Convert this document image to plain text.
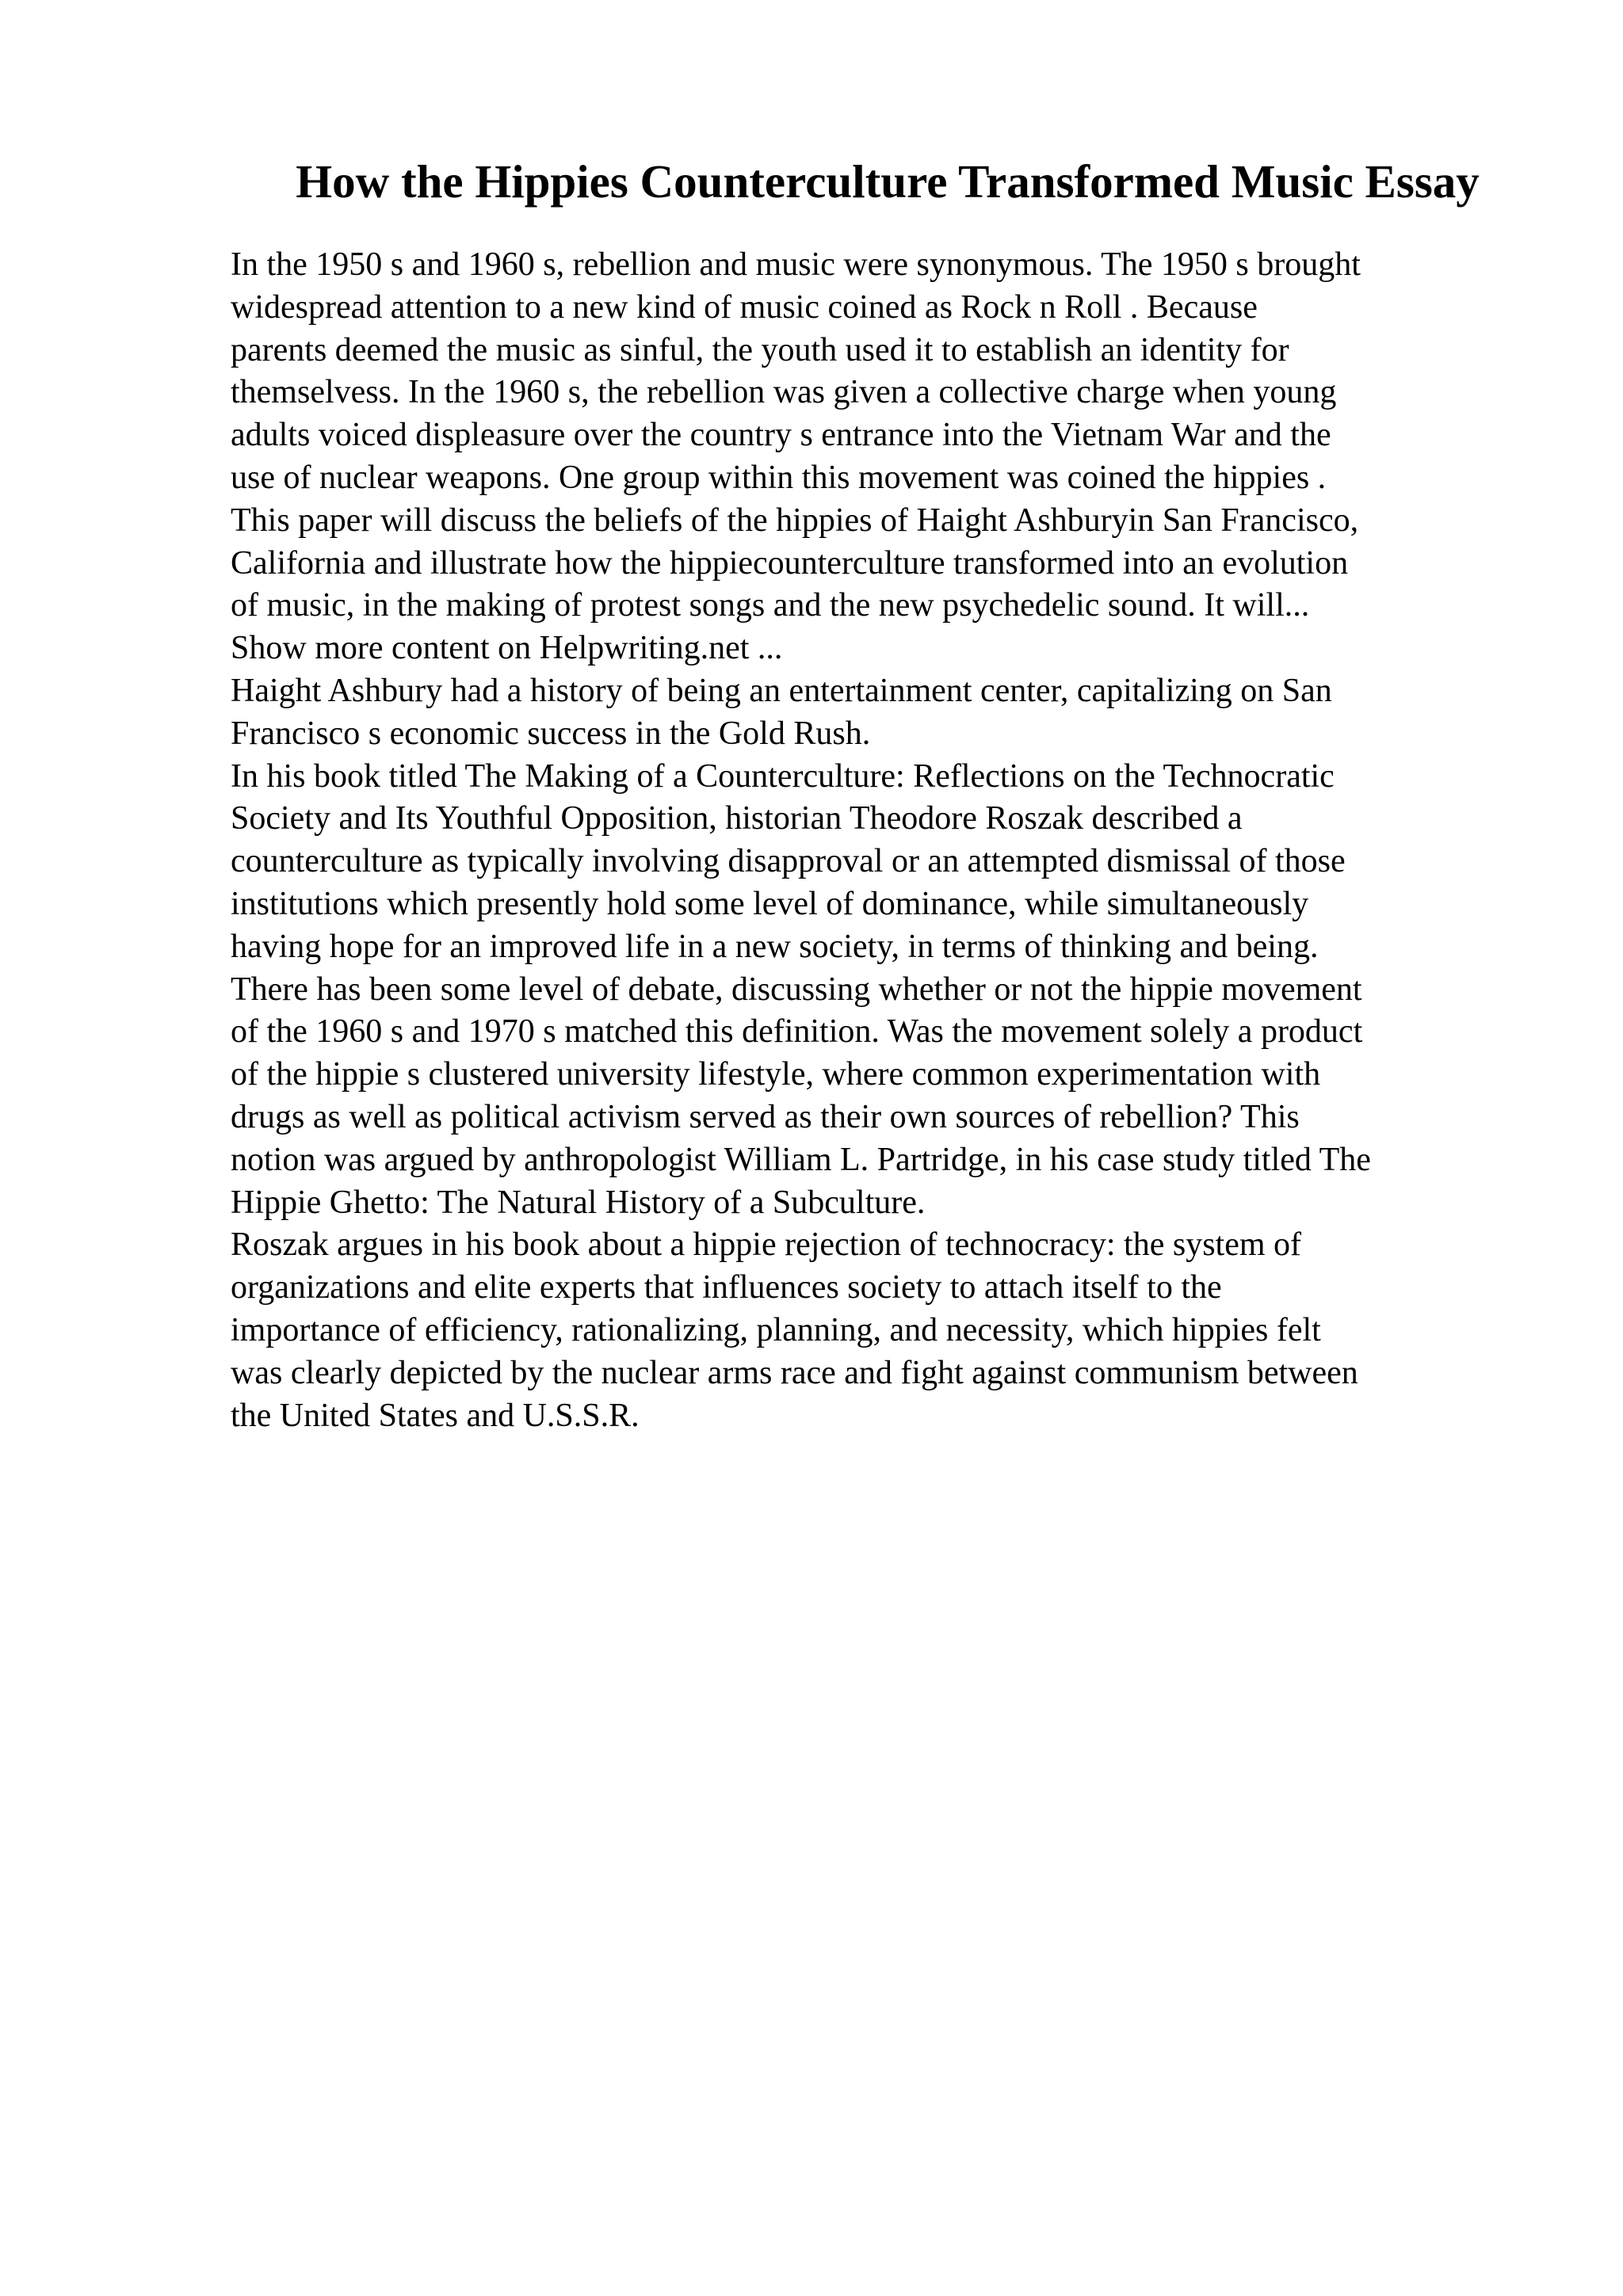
How the Hippies Counterculture Transformed Music Essay
In the 1950 s and 1960 s, rebellion and music were synonymous. The 1950 s brought
widespread attention to a new kind of music coined as Rock n Roll . Because
parents deemed the music as sinful, the youth used it to establish an identity for
themselvess. In the 1960 s, the rebellion was given a collective charge when young
adults voiced displeasure over the country s entrance into the Vietnam War and the
use of nuclear weapons. One group within this movement was coined the hippies .
This paper will discuss the beliefs of the hippies of Haight Ashburyin San Francisco,
California and illustrate how the hippiecounterculture transformed into an evolution
of music, in the making of protest songs and the new psychedelic sound. It will...
Show more content on Helpwriting.net ...
Haight Ashbury had a history of being an entertainment center, capitalizing on San
Francisco s economic success in the Gold Rush.
In his book titled The Making of a Counterculture: Reflections on the Technocratic
Society and Its Youthful Opposition, historian Theodore Roszak described a
counterculture as typically involving disapproval or an attempted dismissal of those
institutions which presently hold some level of dominance, while simultaneously
having hope for an improved life in a new society, in terms of thinking and being.
There has been some level of debate, discussing whether or not the hippie movement
of the 1960 s and 1970 s matched this definition. Was the movement solely a product
of the hippie s clustered university lifestyle, where common experimentation with
drugs as well as political activism served as their own sources of rebellion? This
notion was argued by anthropologist William L. Partridge, in his case study titled The
Hippie Ghetto: The Natural History of a Subculture.
Roszak argues in his book about a hippie rejection of technocracy: the system of
organizations and elite experts that influences society to attach itself to the
importance of efficiency, rationalizing, planning, and necessity, which hippies felt
was clearly depicted by the nuclear arms race and fight against communism between
the United States and U.S.S.R.
